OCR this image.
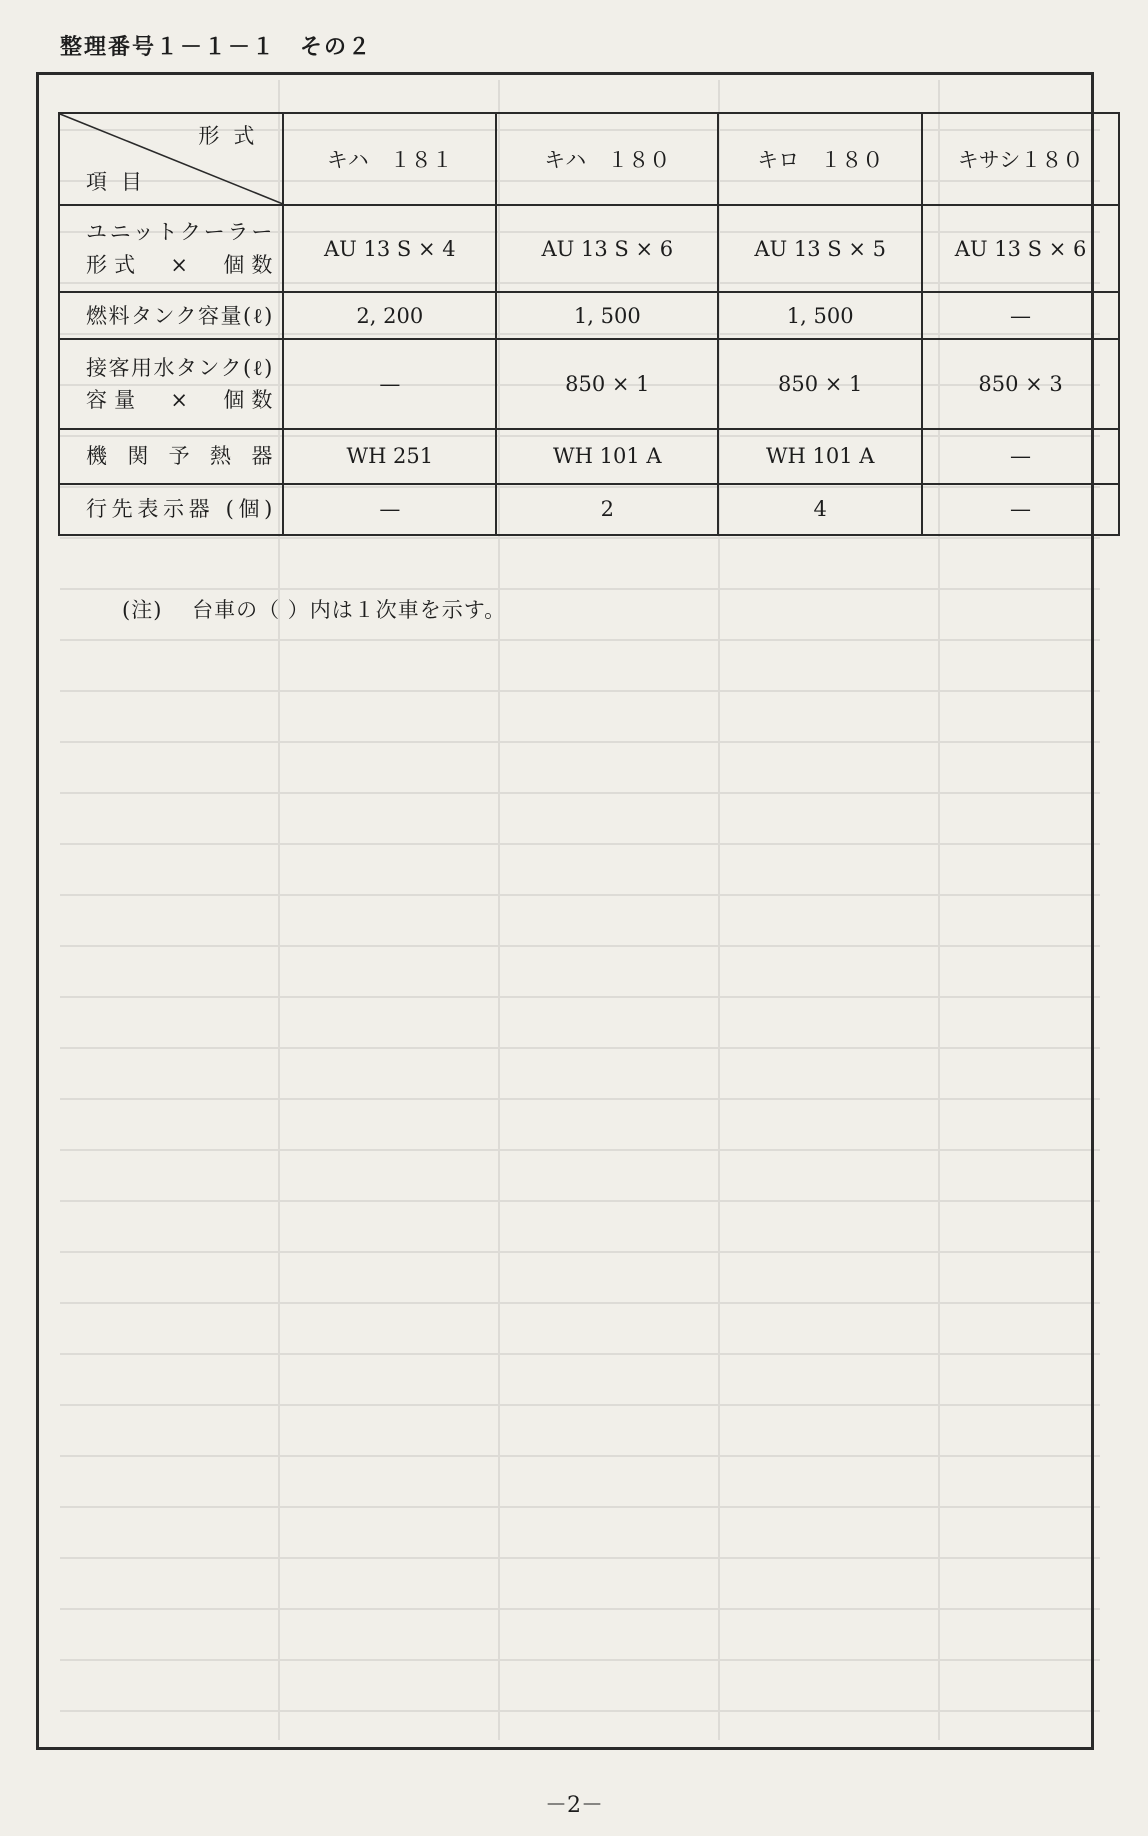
整理番号１－１－１　その２
形式
項目	キハ　１８１	キハ　１８０	キロ　１８０	キサシ１８０

ユニットクーラー
形式　×　個数	AU 13 S × 4	AU 13 S × 6	AU 13 S × 5	AU 13 S × 6

燃料タンク容量(ℓ)	2, 200	1, 500	1, 500	—

接客用水タンク(ℓ)
容量　×　個数	—	850 × 1	850 × 1	850 × 3

機関予熱器	WH 251	WH 101 A	WH 101 A	—

行先表示器 (個)	—	2	4	—
(注) 台車の（ ）内は１次車を示す。
－2－
